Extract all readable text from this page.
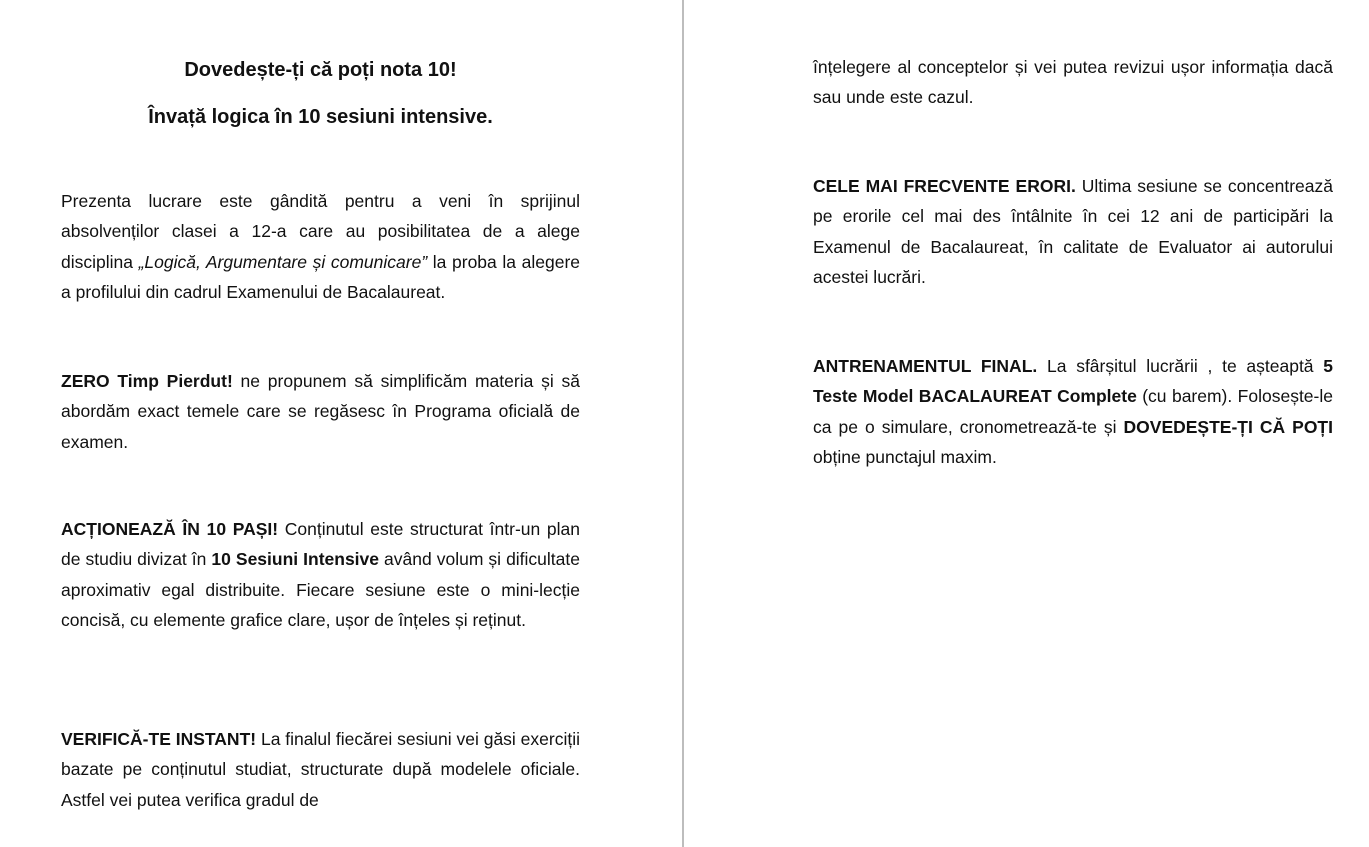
Dovedește-ți că poți nota 10!
Învață logica în 10 sesiuni intensive.

Prezenta lucrare este gândită pentru a veni în sprijinul absolvenților clasei a 12-a care au posibilitatea de a alege disciplina „Logică, Argumentare și comunicare” la proba la alegere a profilului din cadrul Examenului de Bacalaureat.

ZERO Timp Pierdut! ne propunem să simplificăm materia și să abordăm exact temele care se regăsesc în Programa oficială de examen.

ACȚIONEAZĂ ÎN 10 PAȘI! Conținutul este structurat într-un plan de studiu divizat în 10 Sesiuni Intensive având volum și dificultate aproximativ egal distribuite. Fiecare sesiune este o mini-lecție concisă, cu elemente grafice clare, ușor de înțeles și reținut.

VERIFICĂ-TE INSTANT! La finalul fiecărei sesiuni vei găsi exerciții bazate pe conținutul studiat, structurate după modelele oficiale. Astfel vei putea verifica gradul de

înțelegere al conceptelor și vei putea revizui ușor informația dacă sau unde este cazul.

CELE MAI FRECVENTE ERORI. Ultima sesiune se concentrează pe erorile cel mai des întâlnite în cei 12 ani de participări la Examenul de Bacalaureat, în calitate de Evaluator ai autorului acestei lucrări.

ANTRENAMENTUL FINAL. La sfârșitul lucrării , te așteaptă 5 Teste Model BACALAUREAT Complete (cu barem). Folosește-le ca pe o simulare, cronometrează-te și DOVEDEȘTE-ȚI CĂ POȚI obține punctajul maxim.
